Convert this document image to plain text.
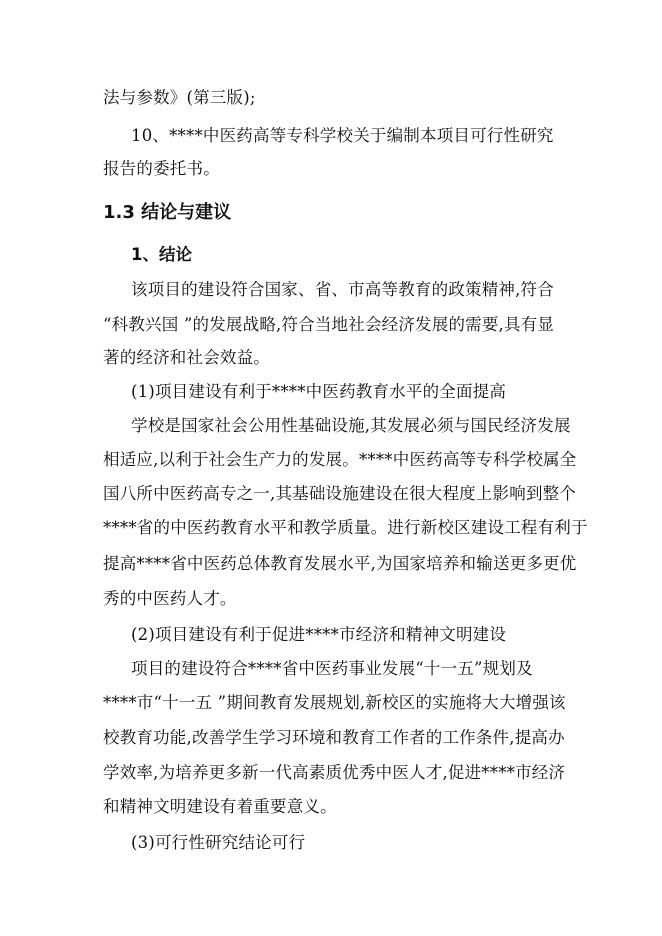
法与参数》(第三版);
10、****中医药高等专科学校关于编制本项目可行性研究
报告的委托书。
1.3 结论与建议
1、结论
该项目的建设符合国家、省、市高等教育的政策精神,符合
“科教兴国 ”的发展战略,符合当地社会经济发展的需要,具有显
著的经济和社会效益。
(1)项目建设有利于****中医药教育水平的全面提高
学校是国家社会公用性基础设施,其发展必须与国民经济发展
相适应,以利于社会生产力的发展。****中医药高等专科学校属全
国八所中医药高专之一,其基础设施建设在很大程度上影响到整个
****省的中医药教育水平和教学质量。进行新校区建设工程有利于
提高****省中医药总体教育发展水平,为国家培养和输送更多更优
秀的中医药人才。
(2)项目建设有利于促进****市经济和精神文明建设
项目的建设符合****省中医药事业发展“十一五”规划及
****市“十一五 ”期间教育发展规划,新校区的实施将大大增强该
校教育功能,改善学生学习环境和教育工作者的工作条件,提高办
学效率,为培养更多新一代高素质优秀中医人才,促进****市经济
和精神文明建设有着重要意义。
(3)可行性研究结论可行
